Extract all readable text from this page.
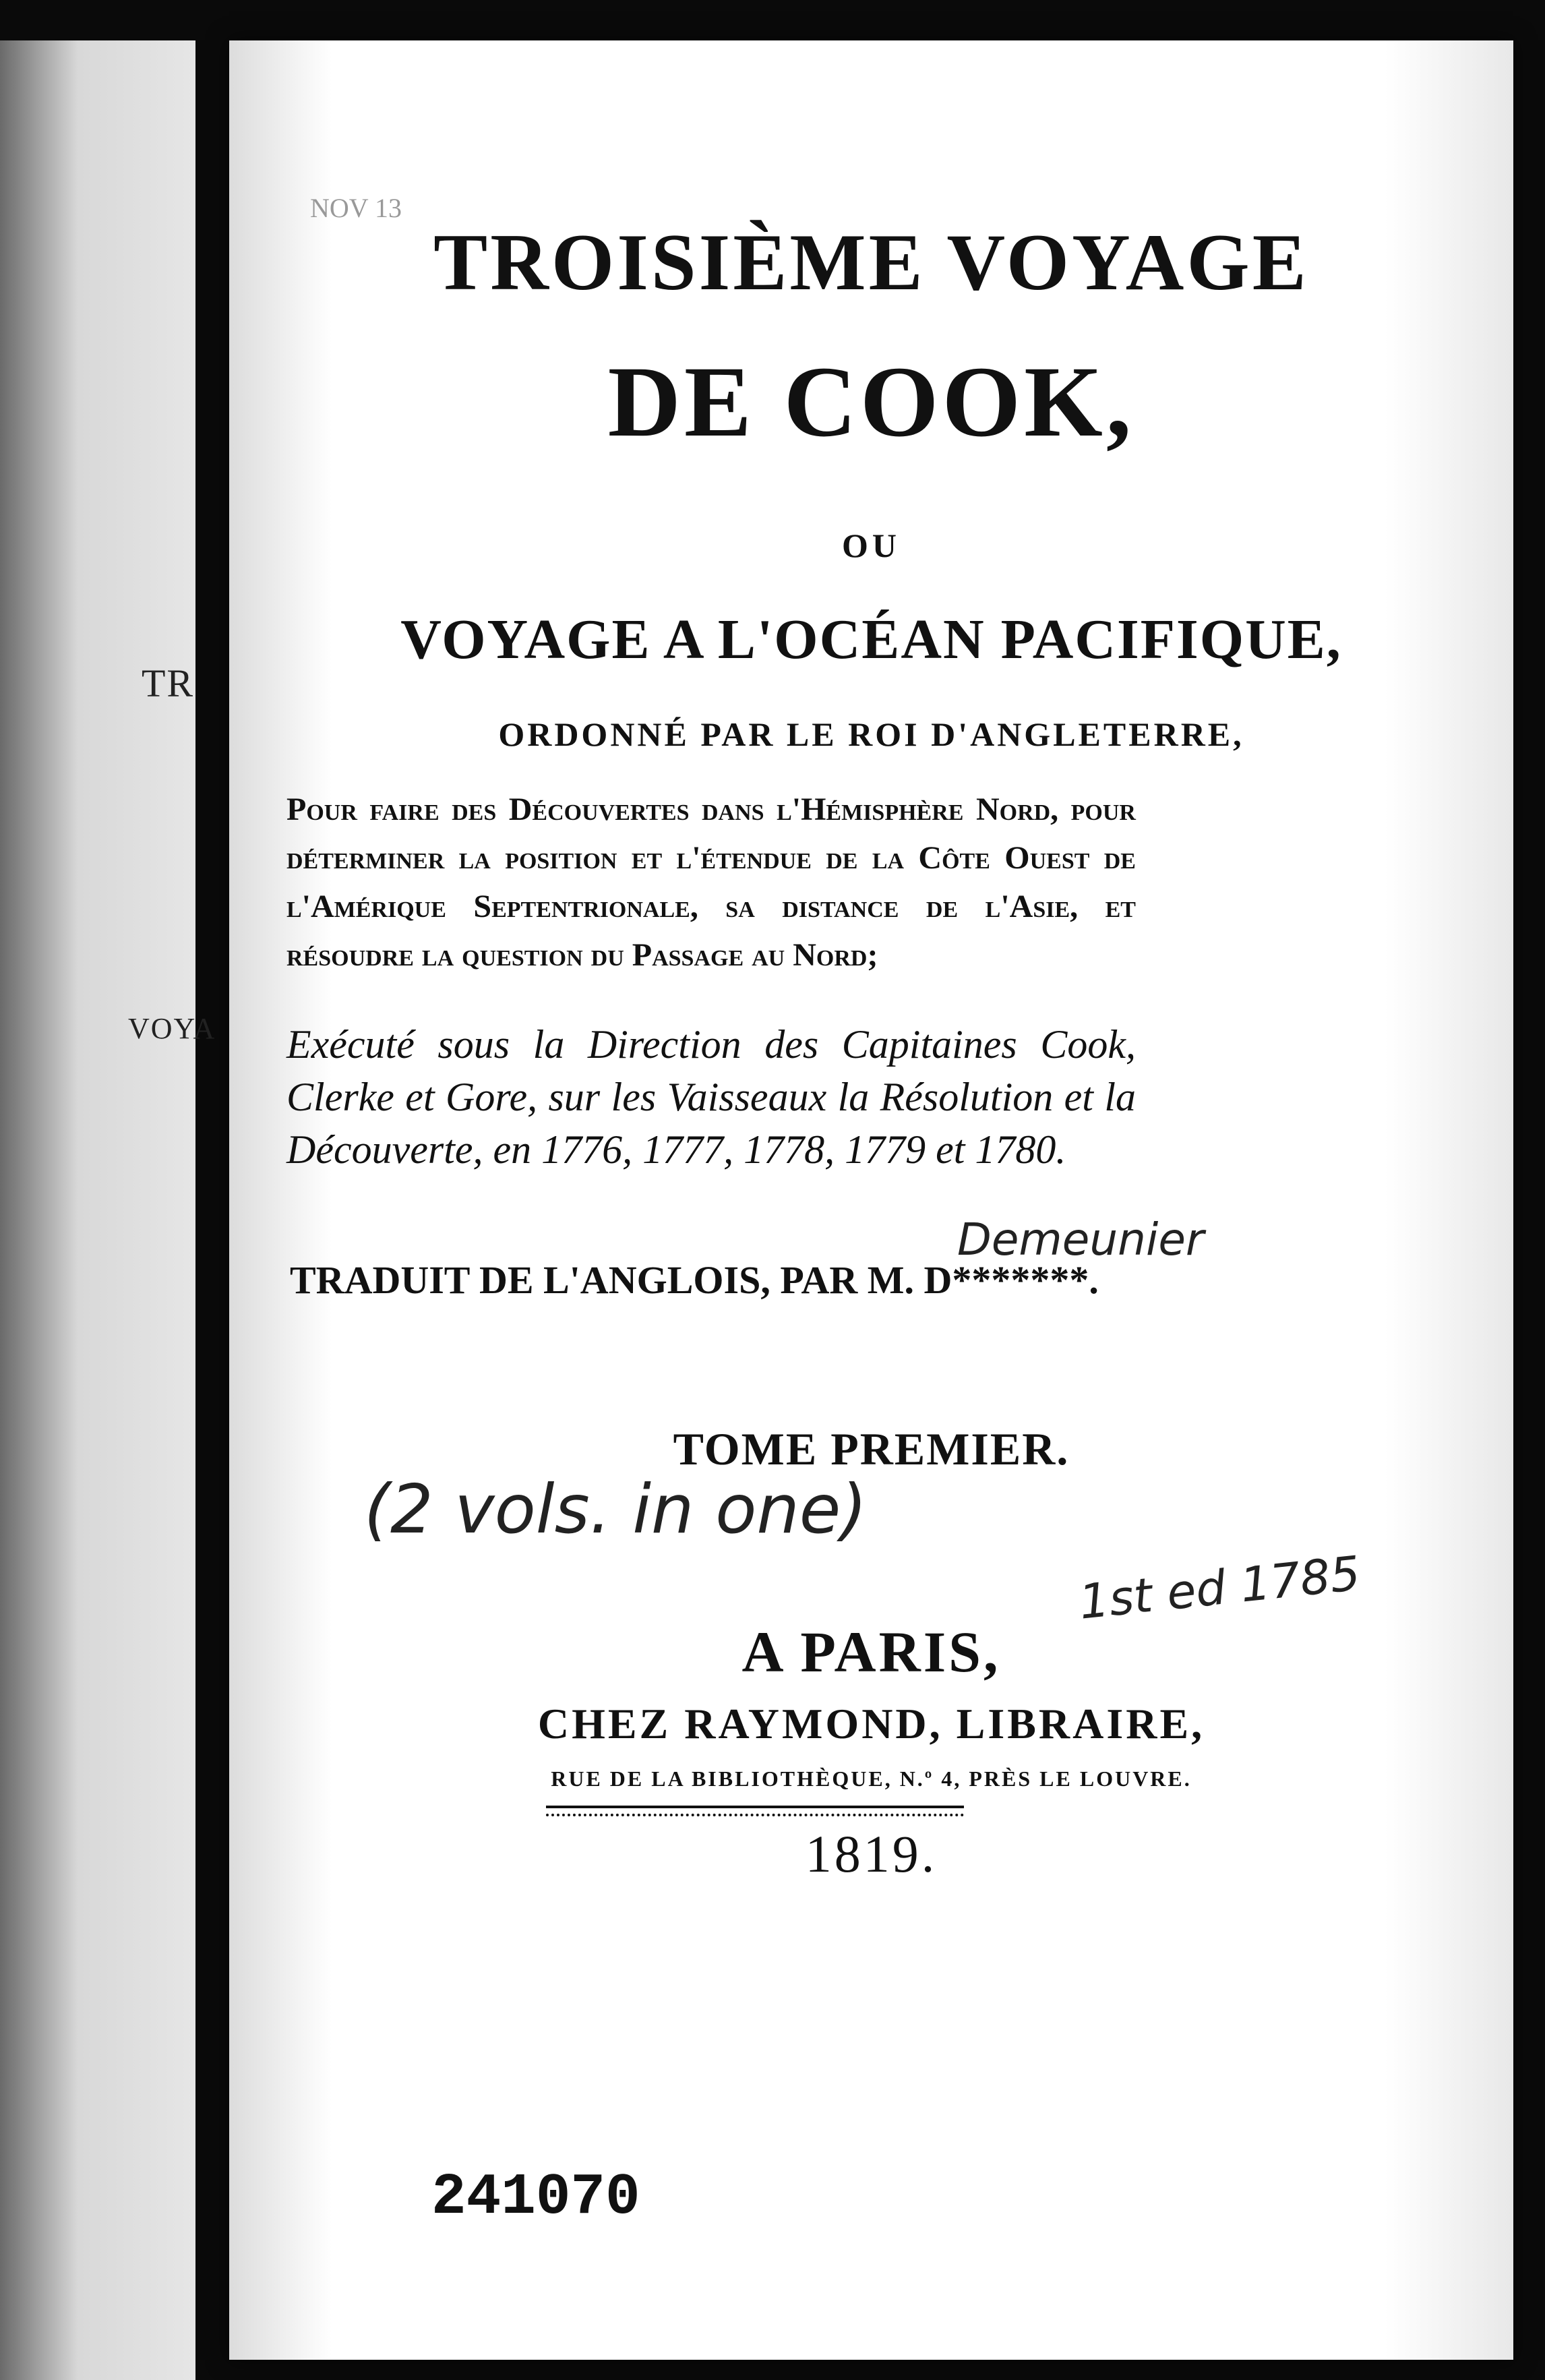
TR
VOYA
NOV 13
TROISIÈME VOYAGE
DE COOK,
OU
VOYAGE A L'OCÉAN PACIFIQUE,
ORDONNÉ PAR LE ROI D'ANGLETERRE,
Pour faire des Découvertes dans l'Hémisphère Nord, pour déterminer la position et l'étendue de la Côte Ouest de l'Amérique Septentrionale, sa distance de l'Asie, et résoudre la question du Passage au Nord;
Exécuté sous la Direction des Capitaines Cook, Clerke et Gore, sur les Vaisseaux la Résolution et la Découverte, en 1776, 1777, 1778, 1779 et 1780.
Demeunier
TRADUIT DE L'ANGLOIS, PAR M. D*******.
TOME PREMIER.
(2 vols. in one)
1st ed 1785
A PARIS,
CHEZ RAYMOND, LIBRAIRE,
RUE DE LA BIBLIOTHÈQUE, N.º 4, PRÈS LE LOUVRE.
1819.
241070
